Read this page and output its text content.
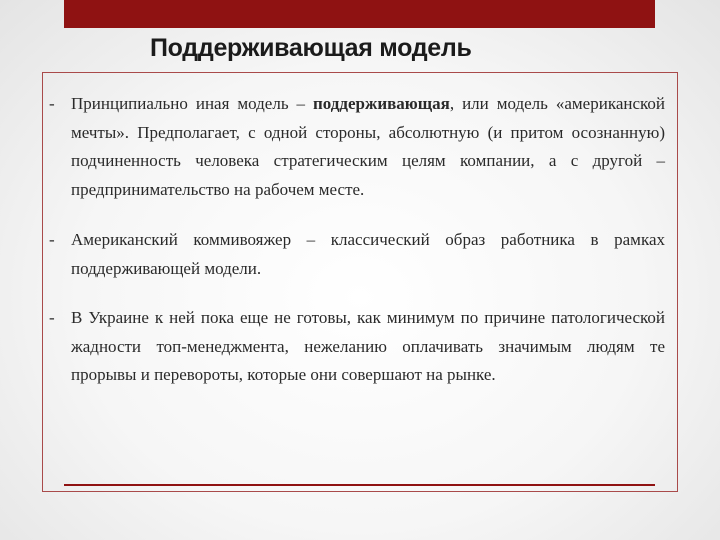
Поддерживающая модель
- Принципиально иная модель – поддерживающая, или модель «американской мечты». Предполагает, с одной стороны, абсолютную (и притом осознанную) подчиненность человека стратегическим целям компании, а с другой – предпринимательство на рабочем месте.
- Американский коммивояжер – классический образ работника в рамках поддерживающей модели.
- В Украине к ней пока еще не готовы, как минимум по причине патологической жадности топ-менеджмента, нежеланию оплачивать значимым людям те прорывы и перевороты, которые они совершают на рынке.
